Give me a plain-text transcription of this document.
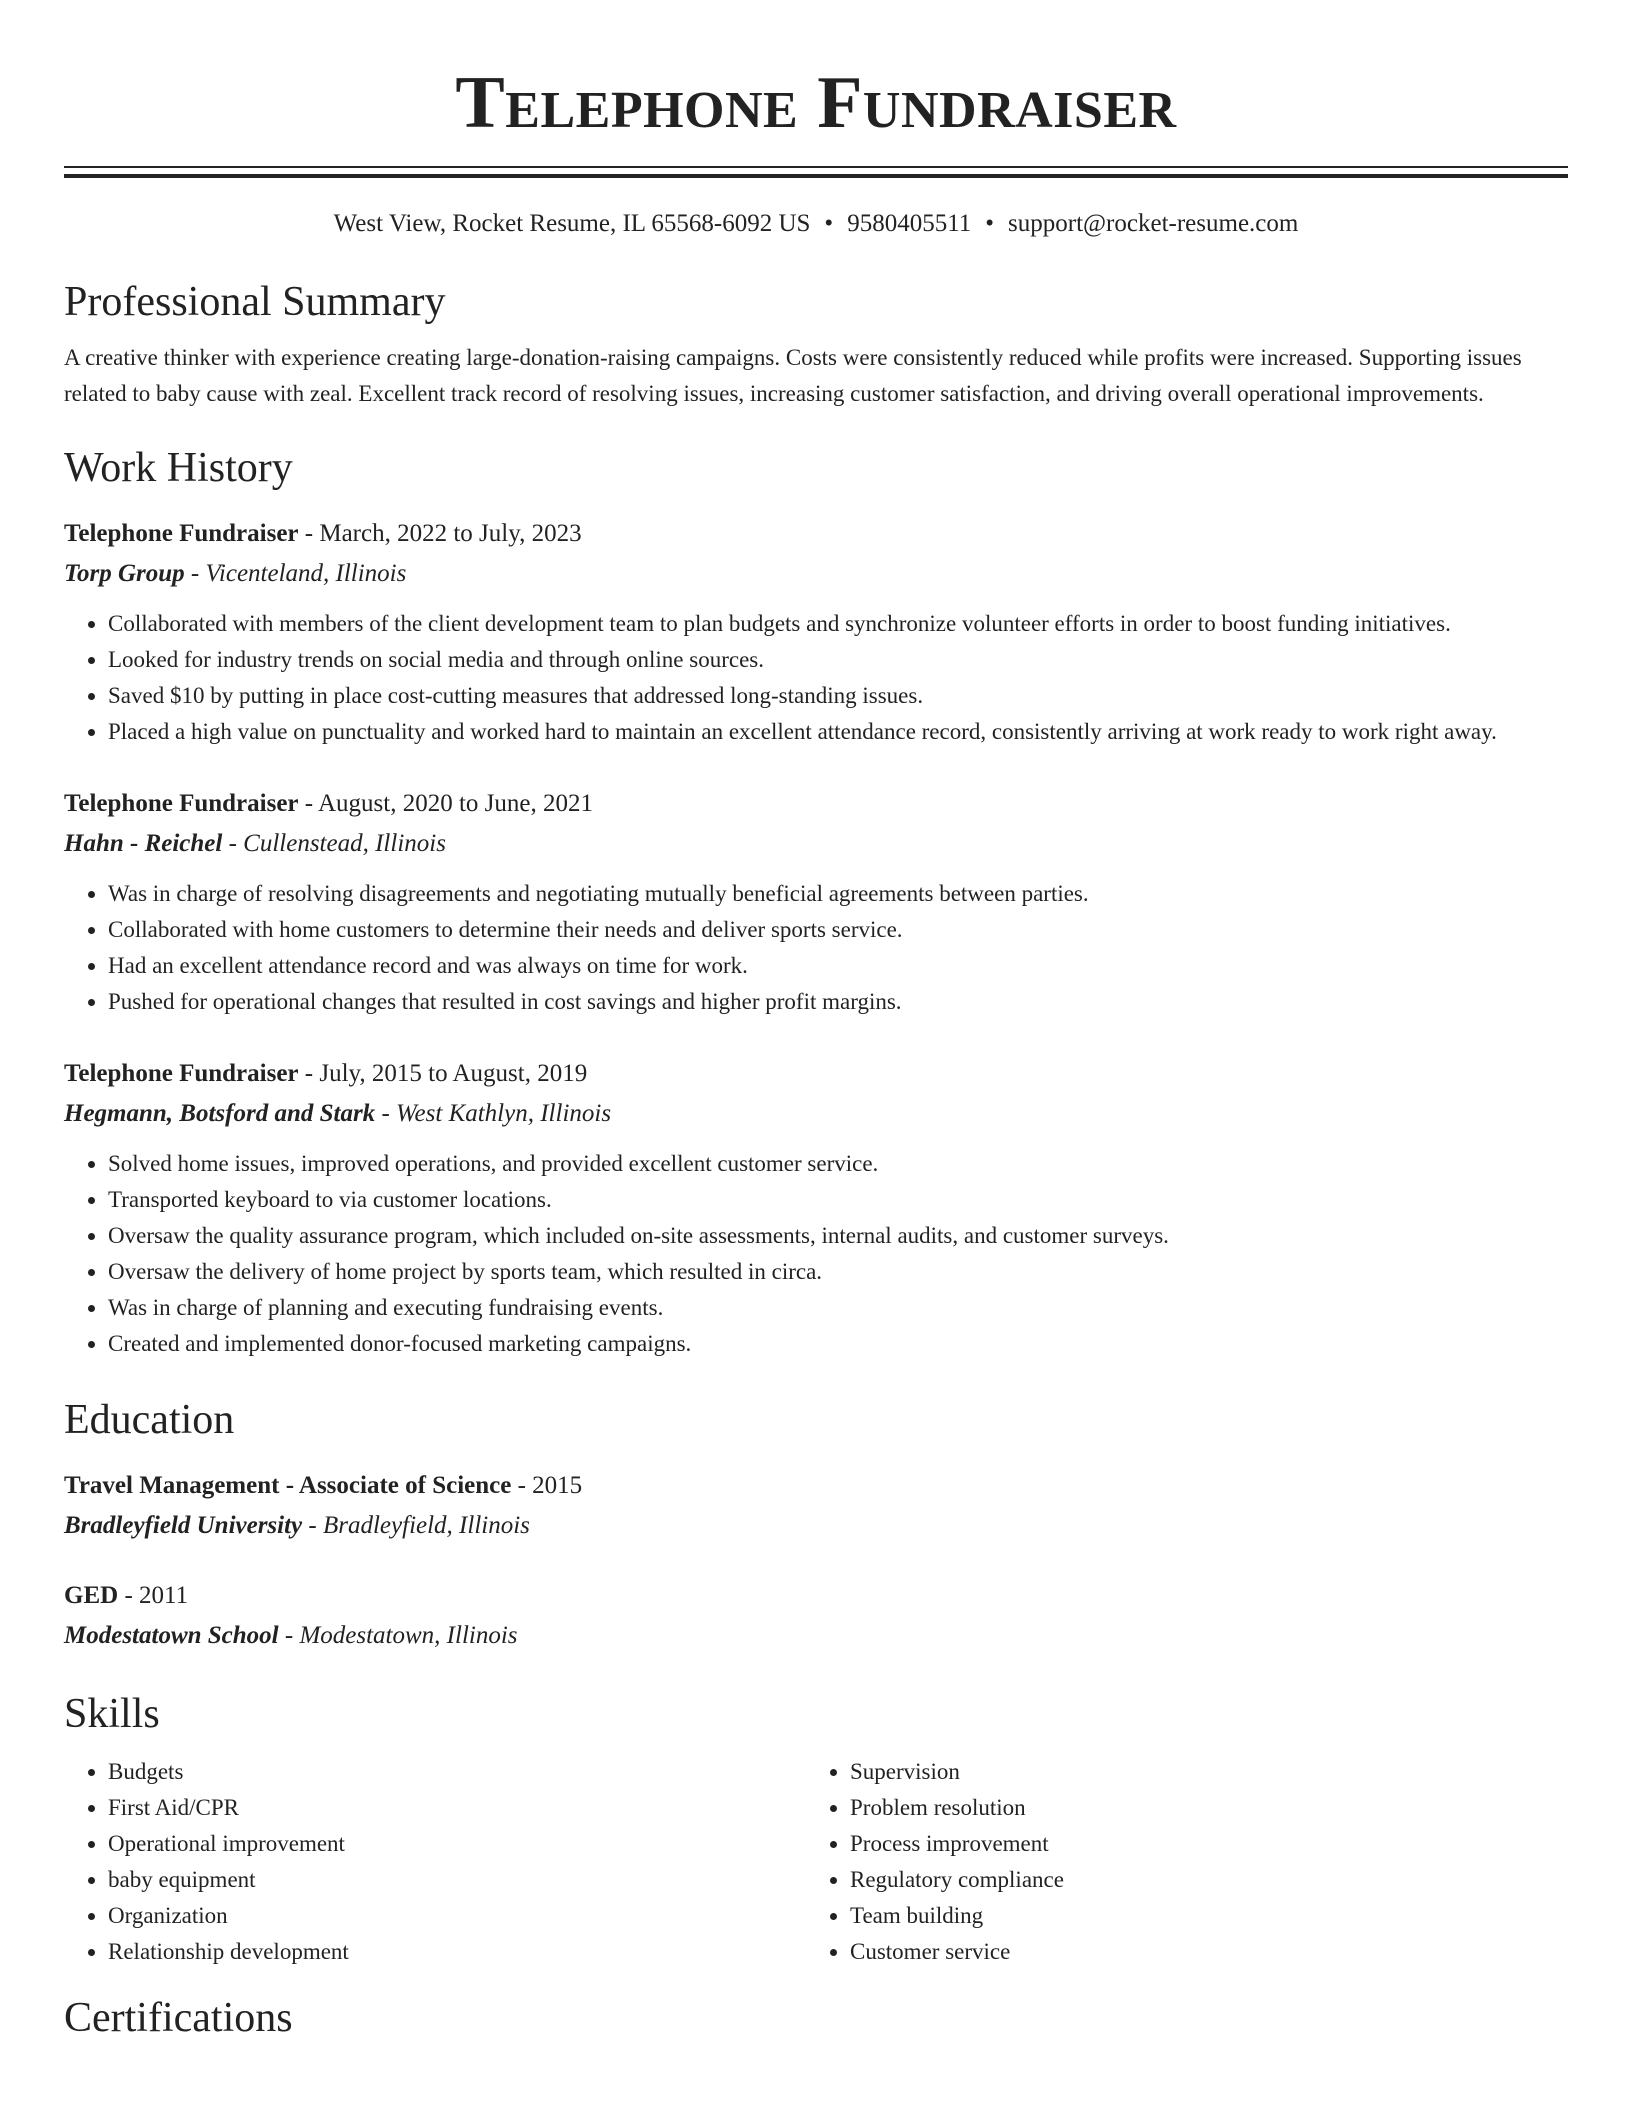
Telephone Fundraiser
West View, Rocket Resume, IL 65568-6092 US • 9580405511 • support@rocket-resume.com
Professional Summary

A creative thinker with experience creating large-donation-raising campaigns. Costs were consistently reduced while profits were increased. Supporting issues related to baby cause with zeal. Excellent track record of resolving issues, increasing customer satisfaction, and driving overall operational improvements.

Work History
Telephone Fundraiser - March, 2022 to July, 2023
Torp Group - Vicenteland, Illinois
• Collaborated with members of the client development team to plan budgets and synchronize volunteer efforts in order to boost funding initiatives.
• Looked for industry trends on social media and through online sources.
• Saved $10 by putting in place cost-cutting measures that addressed long-standing issues.
• Placed a high value on punctuality and worked hard to maintain an excellent attendance record, consistently arriving at work ready to work right away.
Telephone Fundraiser - August, 2020 to June, 2021
Hahn - Reichel - Cullenstead, Illinois
• Was in charge of resolving disagreements and negotiating mutually beneficial agreements between parties.
• Collaborated with home customers to determine their needs and deliver sports service.
• Had an excellent attendance record and was always on time for work.
• Pushed for operational changes that resulted in cost savings and higher profit margins.
Telephone Fundraiser - July, 2015 to August, 2019
Hegmann, Botsford and Stark - West Kathlyn, Illinois
• Solved home issues, improved operations, and provided excellent customer service.
• Transported keyboard to via customer locations.
• Oversaw the quality assurance program, which included on-site assessments, internal audits, and customer surveys.
• Oversaw the delivery of home project by sports team, which resulted in circa.
• Was in charge of planning and executing fundraising events.
• Created and implemented donor-focused marketing campaigns.
Education
Travel Management - Associate of Science - 2015
Bradleyfield University - Bradleyfield, Illinois
GED - 2011
Modestatown School - Modestatown, Illinois
Skills
• Budgets
• First Aid/CPR
• Operational improvement
• baby equipment
• Organization
• Relationship development
• Supervision
• Problem resolution
• Process improvement
• Regulatory compliance
• Team building
• Customer service
Certifications
